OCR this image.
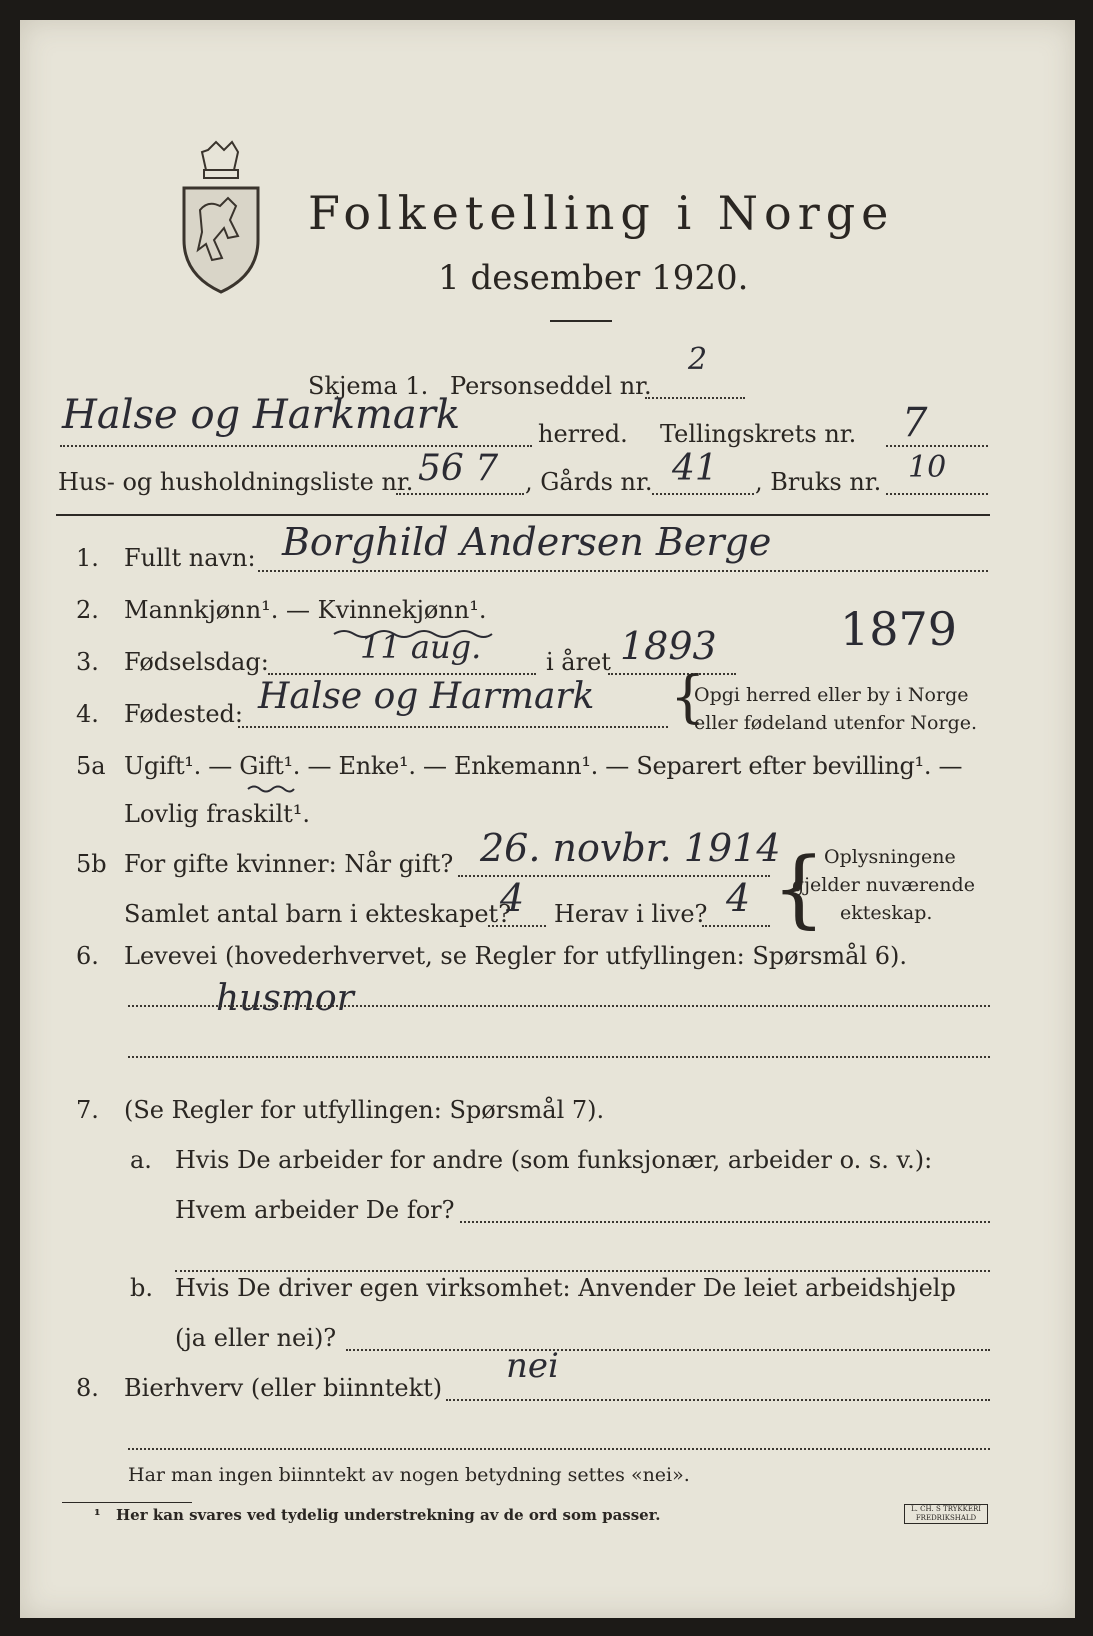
Folketelling i Norge
1 desember 1920.
Skjema 1. Personseddel nr.
2
Halse og Harkmark	herred. Tellingskrets nr. 7
Hus- og husholdningsliste nr. 56 7 , Gårds nr. 41 , Bruks nr. 10
1. Fullt navn: Borghild Andersen Berge
2. Mannkjønn¹. — Kvinnekjønn¹.
3. Fødselsdag:	11 aug.	i året 1893	1879
4. Fødested: Halse og Harmark {
Opgi herred eller by i Norge
eller fødeland utenfor Norge.
5a Ugift¹. — Gift¹. — Enke¹. — Enkemann¹. — Separert efter bevilling¹. —
Lovlig fraskilt¹.
5b For gifte kvinner: Når gift? 26. novbr. 1914
Samlet antal barn i ekteskapet?
4 Herav i live? 4 {
Oplysningene
gjelder nuværende
ekteskap.
6. Levevei (hovederhvervet, se Regler for utfyllingen: Spørsmål 6).
husmor
7. (Se Regler for utfyllingen: Spørsmål 7).
a. Hvis De arbeider for andre (som funksjonær, arbeider o. s. v.):
Hvem arbeider De for?
b. Hvis De driver egen virksomhet: Anvender De leiet arbeidshjelp
(ja eller nei)?
8. Bierhverv (eller biinntekt)
nei
Har man ingen biinntekt av nogen betydning settes «nei».
¹ Her kan svares ved tydelig understrekning av de ord som passer.	L. CH. S TRYKKERI FREDRIKSHALD
